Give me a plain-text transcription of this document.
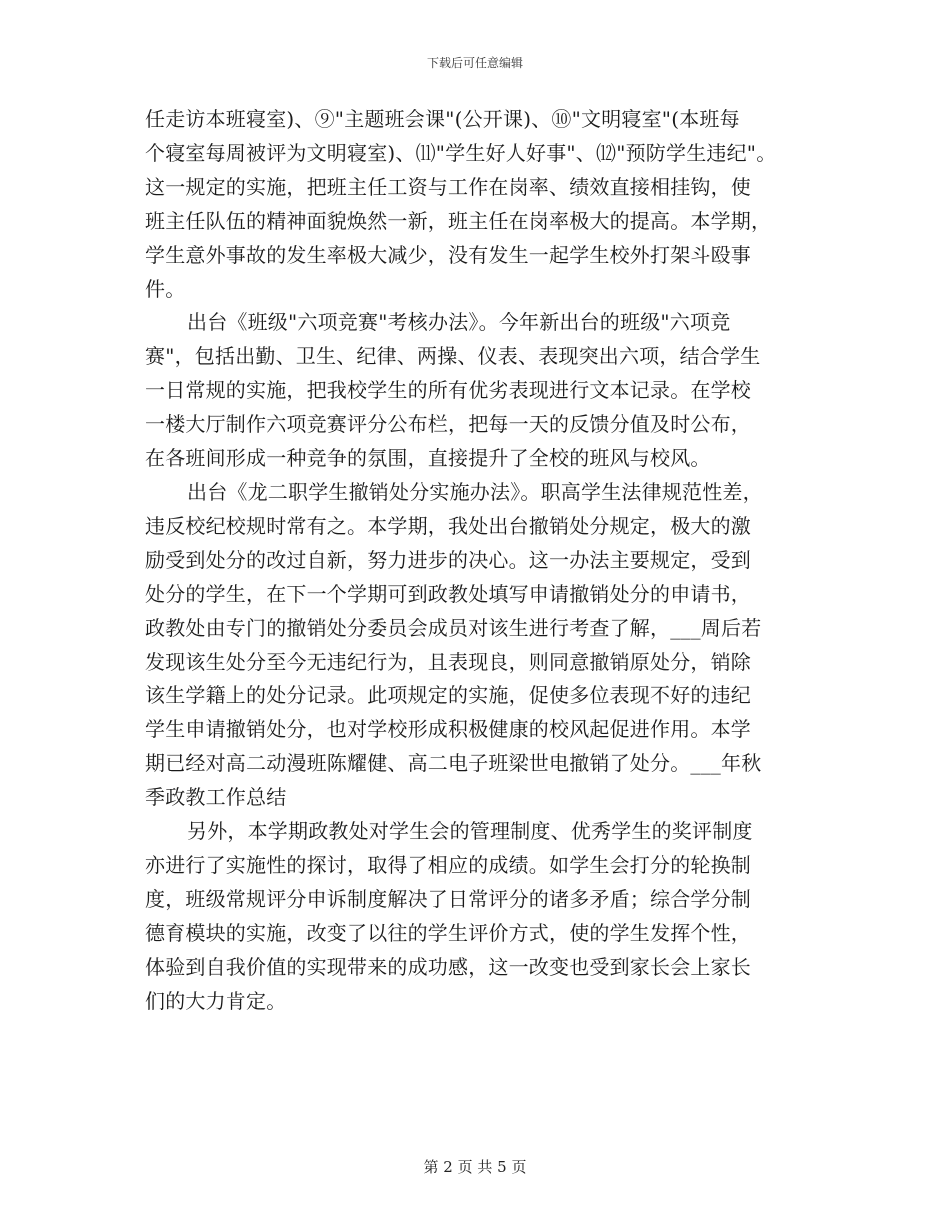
下载后可任意编辑
任走访本班寝室)、⑨"主题班会课"(公开课)、⑩"文明寝室"(本班每
个寝室每周被评为文明寝室)、⑾"学生好人好事"、⑿"预防学生违纪"。
这一规定的实施，把班主任工资与工作在岗率、绩效直接相挂钩，使
班主任队伍的精神面貌焕然一新，班主任在岗率极大的提高。本学期，
学生意外事故的发生率极大减少，没有发生一起学生校外打架斗殴事
件。
出台《班级"六项竞赛"考核办法》。今年新出台的班级"六项竞
赛"，包括出勤、卫生、纪律、两操、仪表、表现突出六项，结合学生
一日常规的实施，把我校学生的所有优劣表现进行文本记录。在学校
一楼大厅制作六项竞赛评分公布栏，把每一天的反馈分值及时公布，
在各班间形成一种竞争的氛围，直接提升了全校的班风与校风。
出台《龙二职学生撤销处分实施办法》。职高学生法律规范性差，
违反校纪校规时常有之。本学期，我处出台撤销处分规定，极大的激
励受到处分的改过自新，努力进步的决心。这一办法主要规定，受到
处分的学生，在下一个学期可到政教处填写申请撤销处分的申请书，
政教处由专门的撤销处分委员会成员对该生进行考查了解，___周后若
发现该生处分至今无违纪行为，且表现良，则同意撤销原处分，销除
该生学籍上的处分记录。此项规定的实施，促使多位表现不好的违纪
学生申请撤销处分，也对学校形成积极健康的校风起促进作用。本学
期已经对高二动漫班陈耀健、高二电子班梁世电撤销了处分。___年秋
季政教工作总结
另外，本学期政教处对学生会的管理制度、优秀学生的奖评制度
亦进行了实施性的探讨，取得了相应的成绩。如学生会打分的轮换制
度，班级常规评分申诉制度解决了日常评分的诸多矛盾；综合学分制
德育模块的实施，改变了以往的学生评价方式，使的学生发挥个性，
体验到自我价值的实现带来的成功感，这一改变也受到家长会上家长
们的大力肯定。
第 2 页 共 5 页
